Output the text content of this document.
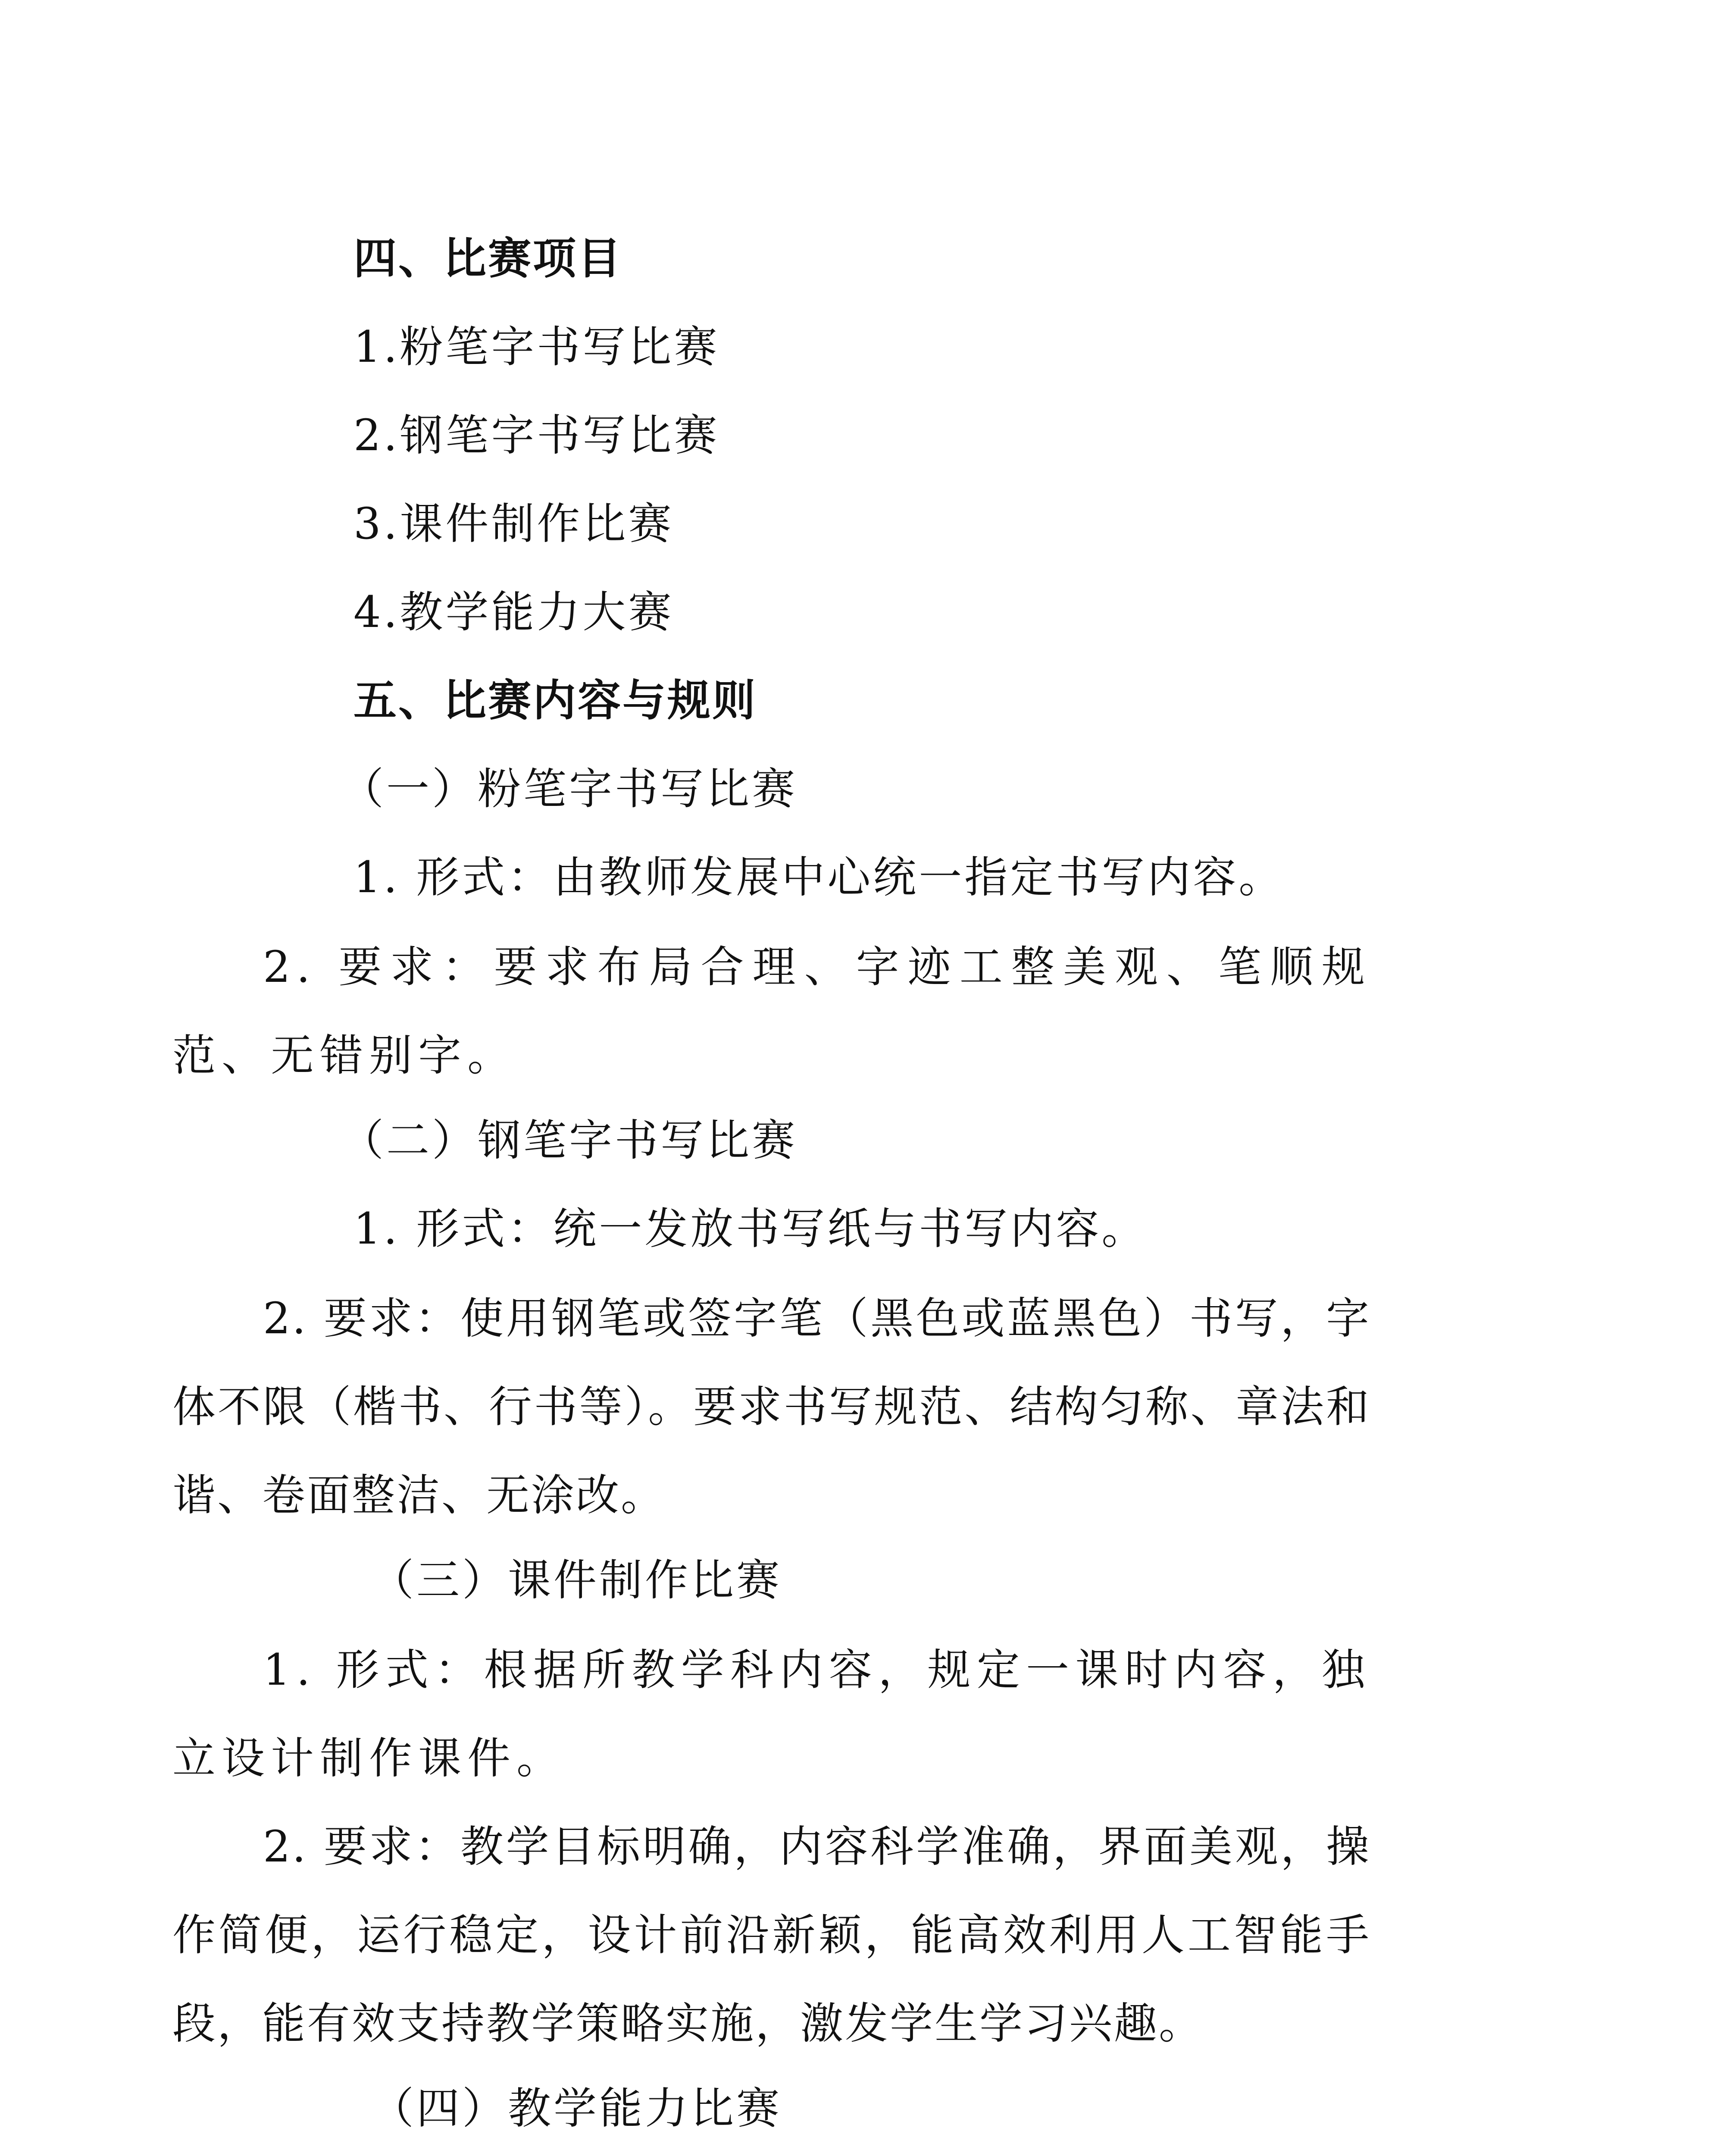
四、比赛项目
1.粉笔字书写比赛
2.钢笔字书写比赛
3.课件制作比赛
4.教学能力大赛
五、比赛内容与规则
（一）粉笔字书写比赛
1. 形式：由教师发展中心统一指定书写内容。
2. 要求：要求布局合理、字迹工整美观、笔顺规范、无错别字。
（二）钢笔字书写比赛
1. 形式：统一发放书写纸与书写内容。
2. 要求：使用钢笔或签字笔（黑色或蓝黑色）书写，字体不限（楷书、行书等）。要求书写规范、结构匀称、章法和谐、卷面整洁、无涂改。
（三）课件制作比赛
1. 形式：根据所教学科内容，规定一课时内容，独立设计制作课件。
2. 要求：教学目标明确，内容科学准确，界面美观，操作简便，运行稳定，设计前沿新颖，能高效利用人工智能手段，能有效支持教学策略实施，激发学生学习兴趣。
（四）教学能力比赛
